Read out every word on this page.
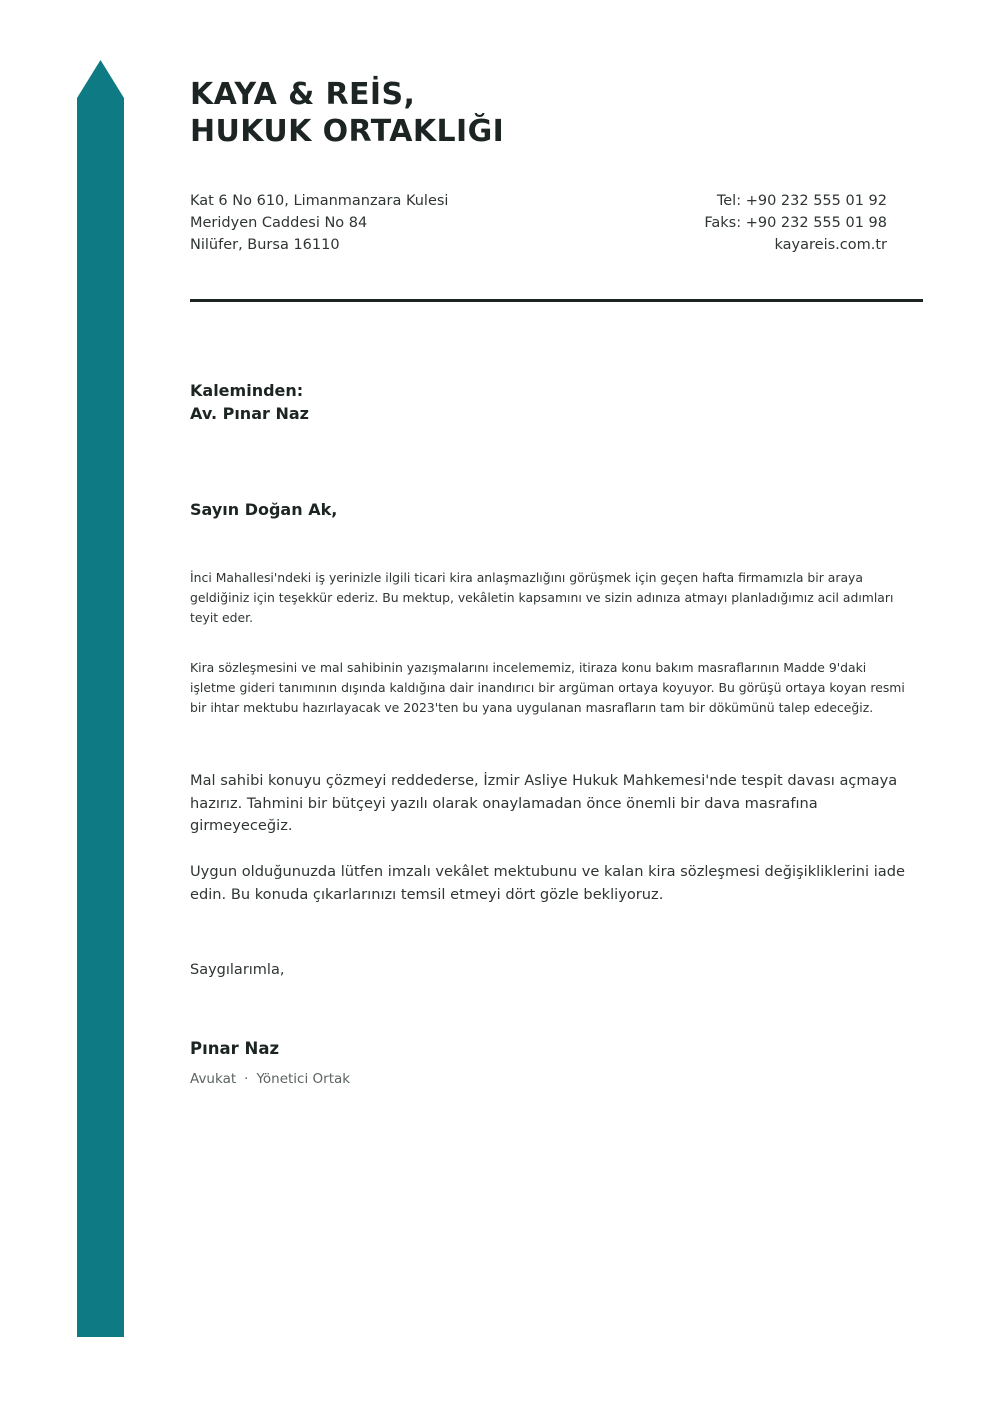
KAYA & REİS,
HUKUK ORTAKLIĞI
Kat 6 No 610, Limanmanzara Kulesi
Meridyen Caddesi No 84
Nilüfer, Bursa 16110
Tel: +90 232 555 01 92
Faks: +90 232 555 01 98
kayareis.com.tr
Kaleminden:
Av. Pınar Naz
Sayın Doğan Ak,

İnci Mahallesi'ndeki iş yerinizle ilgili ticari kira anlaşmazlığını görüşmek için geçen hafta firmamızla bir araya geldiğiniz için teşekkür ederiz. Bu mektup, vekâletin kapsamını ve sizin adınıza atmayı planladığımız acil adımları teyit eder.

Kira sözleşmesini ve mal sahibinin yazışmalarını incelememiz, itiraza konu bakım masraflarının Madde 9'daki işletme gideri tanımının dışında kaldığına dair inandırıcı bir argüman ortaya koyuyor. Bu görüşü ortaya koyan resmi bir ihtar mektubu hazırlayacak ve 2023'ten bu yana uygulanan masrafların tam bir dökümünü talep edeceğiz.

Mal sahibi konuyu çözmeyi reddederse, İzmir Asliye Hukuk Mahkemesi'nde tespit davası açmaya hazırız. Tahmini bir bütçeyi yazılı olarak onaylamadan önce önemli bir dava masrafına girmeyeceğiz.

Uygun olduğunuzda lütfen imzalı vekâlet mektubunu ve kalan kira sözleşmesi değişikliklerini iade edin. Bu konuda çıkarlarınızı temsil etmeyi dört gözle bekliyoruz.

Saygılarımla,
Pınar Naz
Avukat · Yönetici Ortak
